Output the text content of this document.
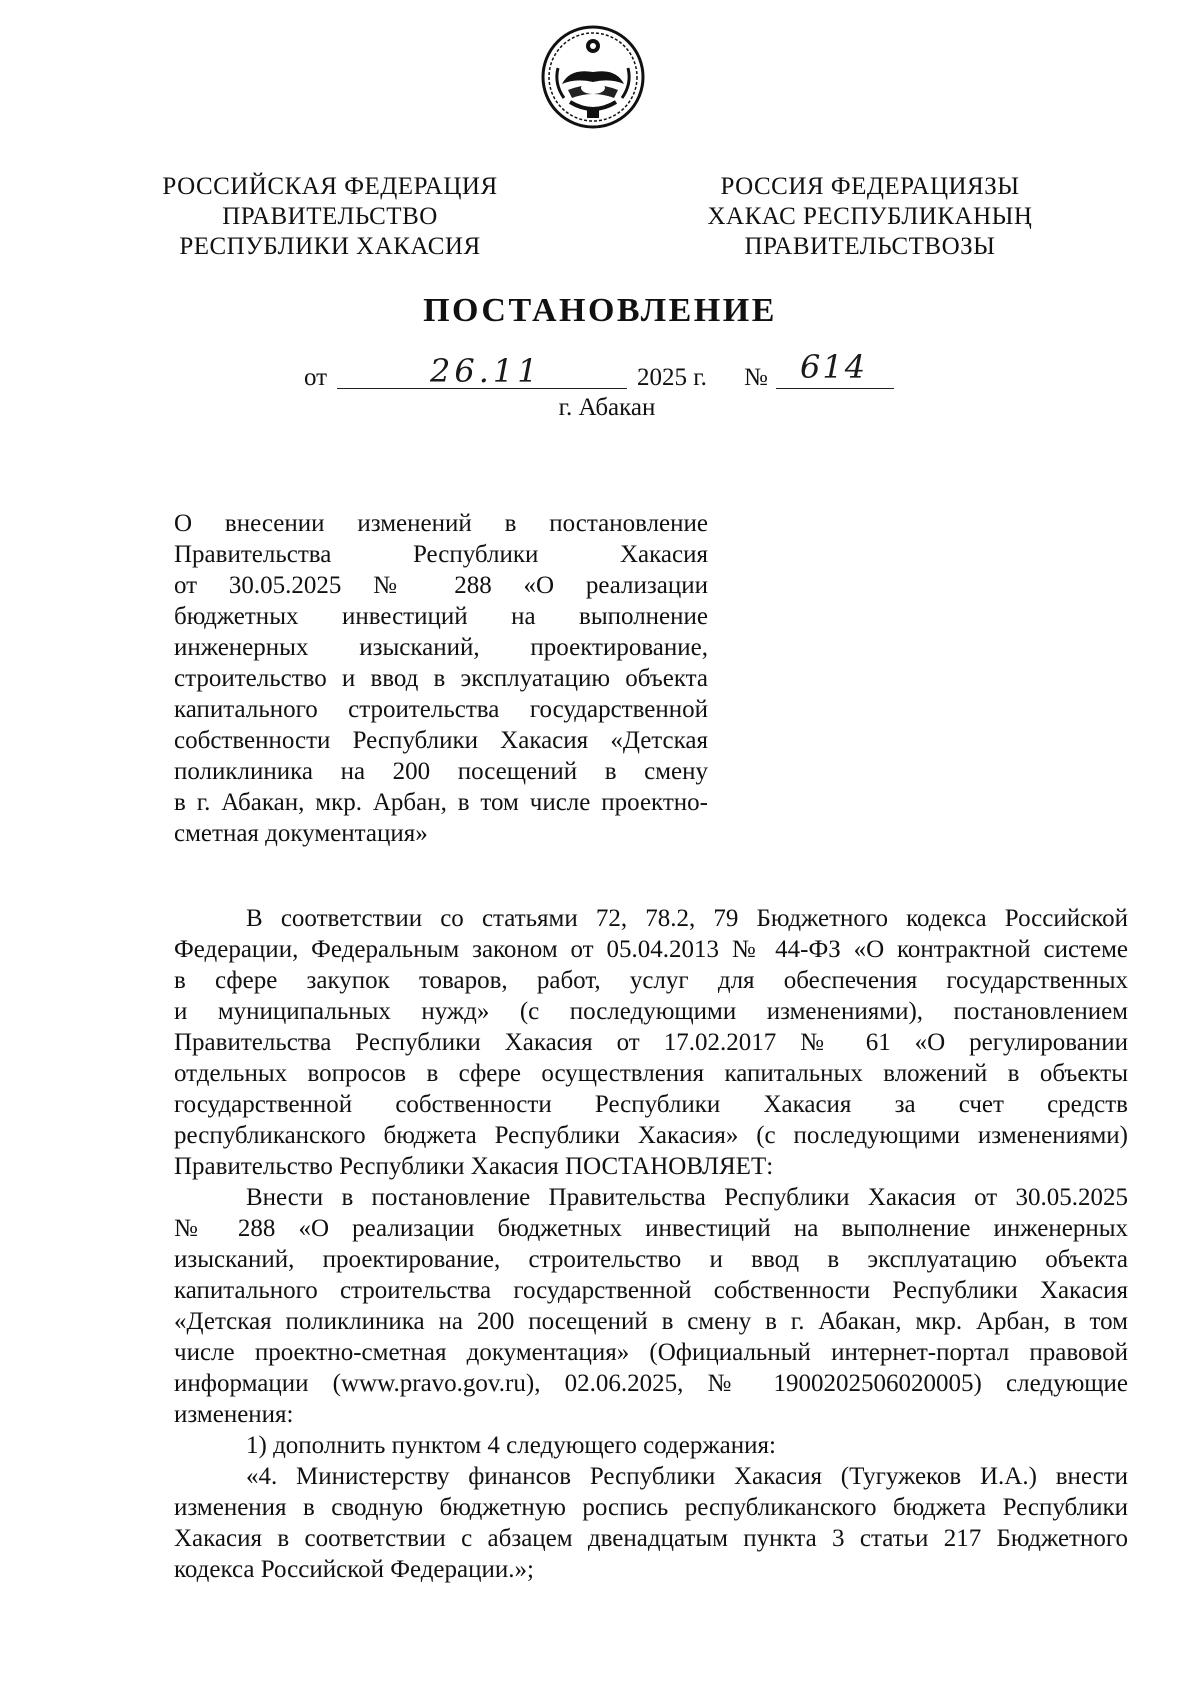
РОССИЙСКАЯ ФЕДЕРАЦИЯ
ПРАВИТЕЛЬСТВО
РЕСПУБЛИКИ ХАКАСИЯ
РОССИЯ ФЕДЕРАЦИЯЗЫ
ХАКАС РЕСПУБЛИКАНЫҢ
ПРАВИТЕЛЬСТВОЗЫ
ПОСТАНОВЛЕНИЕ
от	26.11	2025 г. № 614
г. Абакан
О внесении изменений в постановление
Правительства Республики Хакасия
от 30.05.2025 № 288 «О реализации
бюджетных инвестиций на выполнение
инженерных изысканий, проектирование,
строительство и ввод в эксплуатацию объекта
капитального строительства государственной
собственности Республики Хакасия «Детская
поликлиника на 200 посещений в смену
в г. Абакан, мкр. Арбан, в том числе проектно-
сметная документация»
В соответствии со статьями 72, 78.2, 79 Бюджетного кодекса Российской
Федерации, Федеральным законом от 05.04.2013 № 44-ФЗ «О контрактной системе
в сфере закупок товаров, работ, услуг для обеспечения государственных
и муниципальных нужд» (с последующими изменениями), постановлением
Правительства Республики Хакасия от 17.02.2017 № 61 «О регулировании
отдельных вопросов в сфере осуществления капитальных вложений в объекты
государственной собственности Республики Хакасия за счет средств
республиканского бюджета Республики Хакасия» (с последующими изменениями)
Правительство Республики Хакасия ПОСТАНОВЛЯЕТ:
Внести в постановление Правительства Республики Хакасия от 30.05.2025
№ 288 «О реализации бюджетных инвестиций на выполнение инженерных
изысканий, проектирование, строительство и ввод в эксплуатацию объекта
капитального строительства государственной собственности Республики Хакасия
«Детская поликлиника на 200 посещений в смену в г. Абакан, мкр. Арбан, в том
числе проектно-сметная документация» (Официальный интернет-портал правовой
информации (www.pravo.gov.ru), 02.06.2025, № 1900202506020005) следующие
изменения:
1) дополнить пунктом 4 следующего содержания:
«4. Министерству финансов Республики Хакасия (Тугужеков И.А.) внести
изменения в сводную бюджетную роспись республиканского бюджета Республики
Хакасия в соответствии с абзацем двенадцатым пункта 3 статьи 217 Бюджетного
кодекса Российской Федерации.»;
